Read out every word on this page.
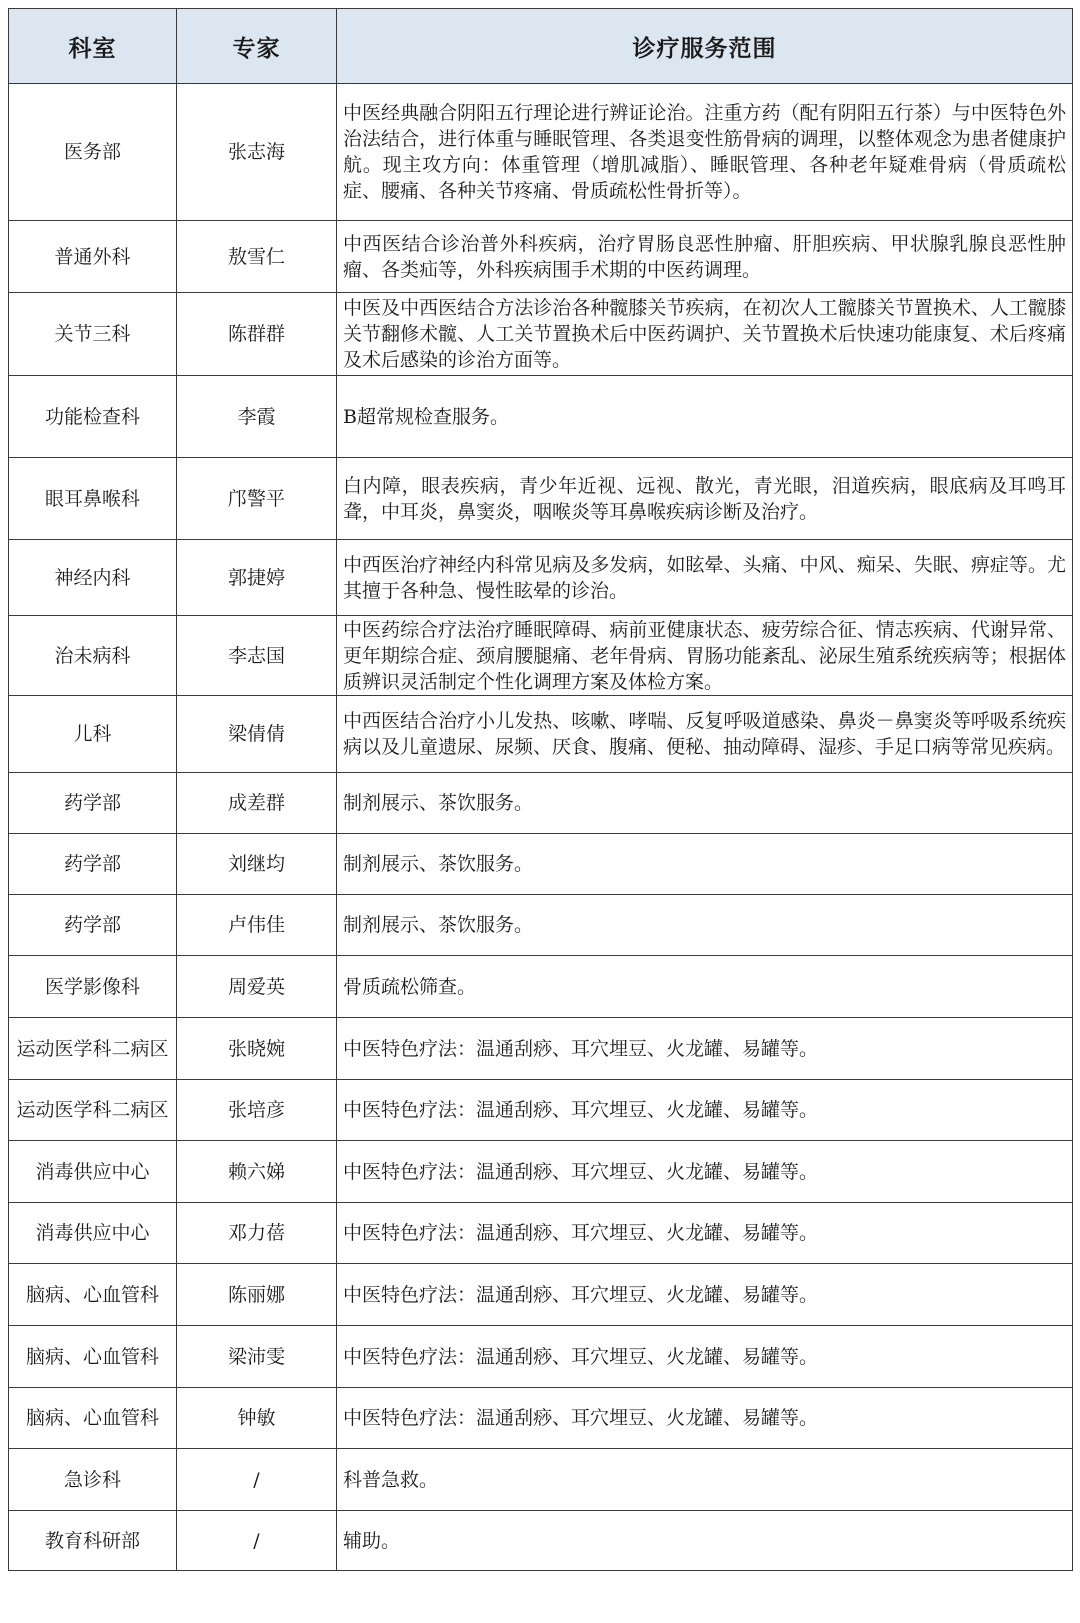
科室	专家	诊疗服务范围
医务部	张志海	中医经典融合阴阳五行理论进行辨证论治。注重方药（配有阴阳五行茶）与中医特色外治法结合，进行体重与睡眠管理、各类退变性筋骨病的调理，以整体观念为患者健康护航。现主攻方向：体重管理（增肌减脂）、睡眠管理、各种老年疑难骨病（骨质疏松症、腰痛、各种关节疼痛、骨质疏松性骨折等）。
普通外科	敖雪仁	中西医结合诊治普外科疾病，治疗胃肠良恶性肿瘤、肝胆疾病、甲状腺乳腺良恶性肿瘤、各类疝等，外科疾病围手术期的中医药调理。
关节三科	陈群群	中医及中西医结合方法诊治各种髋膝关节疾病，在初次人工髋膝关节置换术、人工髋膝关节翻修术髋、人工关节置换术后中医药调护、关节置换术后快速功能康复、术后疼痛及术后感染的诊治方面等。
功能检查科	李霞	B超常规检查服务。
眼耳鼻喉科	邝警平	白内障，眼表疾病，青少年近视、远视、散光，青光眼，泪道疾病，眼底病及耳鸣耳聋，中耳炎，鼻窦炎，咽喉炎等耳鼻喉疾病诊断及治疗。
神经内科	郭捷婷	中西医治疗神经内科常见病及多发病，如眩晕、头痛、中风、痴呆、失眠、痹症等。尤其擅于各种急、慢性眩晕的诊治。
治未病科	李志国	中医药综合疗法治疗睡眠障碍、病前亚健康状态、疲劳综合征、情志疾病、代谢异常、更年期综合症、颈肩腰腿痛、老年骨病、胃肠功能紊乱、泌尿生殖系统疾病等；根据体质辨识灵活制定个性化调理方案及体检方案。
儿科	梁倩倩	中西医结合治疗小儿发热、咳嗽、哮喘、反复呼吸道感染、鼻炎－鼻窦炎等呼吸系统疾病以及儿童遗尿、尿频、厌食、腹痛、便秘、抽动障碍、湿疹、手足口病等常见疾病。
药学部	成差群	制剂展示、茶饮服务。
药学部	刘继均	制剂展示、茶饮服务。
药学部	卢伟佳	制剂展示、茶饮服务。
医学影像科	周爱英	骨质疏松筛查。
运动医学科二病区	张晓婉	中医特色疗法：温通刮痧、耳穴埋豆、火龙罐、易罐等。
运动医学科二病区	张培彦	中医特色疗法：温通刮痧、耳穴埋豆、火龙罐、易罐等。
消毒供应中心	赖六娣	中医特色疗法：温通刮痧、耳穴埋豆、火龙罐、易罐等。
消毒供应中心	邓力蓓	中医特色疗法：温通刮痧、耳穴埋豆、火龙罐、易罐等。
脑病、心血管科	陈丽娜	中医特色疗法：温通刮痧、耳穴埋豆、火龙罐、易罐等。
脑病、心血管科	梁沛雯	中医特色疗法：温通刮痧、耳穴埋豆、火龙罐、易罐等。
脑病、心血管科	钟敏	中医特色疗法：温通刮痧、耳穴埋豆、火龙罐、易罐等。
急诊科	/	科普急救。
教育科研部	/	辅助。
